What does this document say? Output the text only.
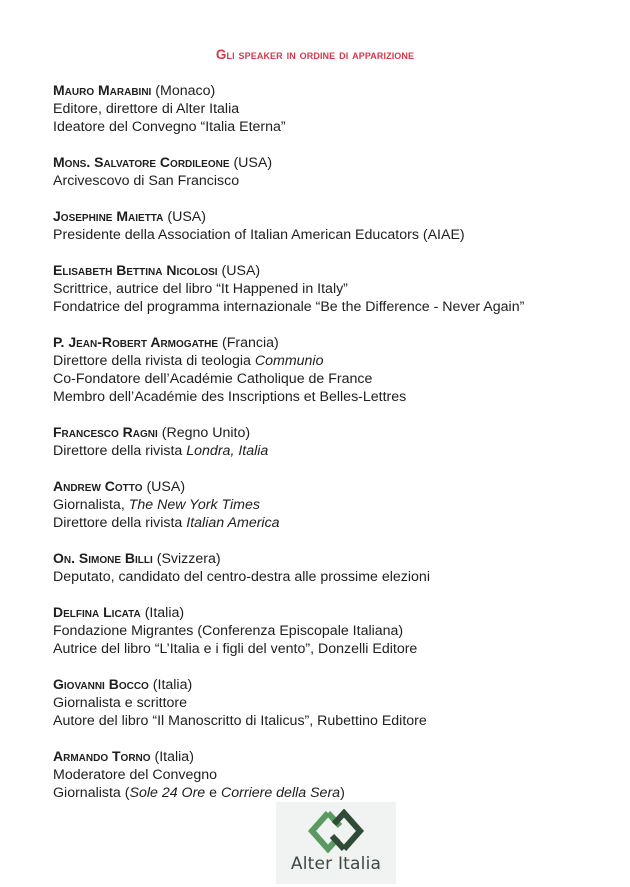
Gli speaker in ordine di apparizione

Mauro Marabini (Monaco)

Editore, direttore di Alter Italia

Ideatore del Convegno “Italia Eterna”

Mons. Salvatore Cordileone (USA)

Arcivescovo di San Francisco

Josephine Maietta (USA)

Presidente della Association of Italian American Educators (AIAE)

Elisabeth Bettina Nicolosi (USA)

Scrittrice, autrice del libro “It Happened in Italy”

Fondatrice del programma internazionale “Be the Difference - Never Again”

P. Jean-Robert Armogathe (Francia)

Direttore della rivista di teologia Communio

Co-Fondatore dell’Académie Catholique de France

Membro dell’Académie des Inscriptions et Belles-Lettres

Francesco Ragni (Regno Unito)

Direttore della rivista Londra, Italia

Andrew Cotto (USA)

Giornalista, The New York Times

Direttore della rivista Italian America

On. Simone Billi (Svizzera)

Deputato, candidato del centro-destra alle prossime elezioni

Delfina Licata (Italia)

Fondazione Migrantes (Conferenza Episcopale Italiana)

Autrice del libro “L’Italia e i figli del vento”, Donzelli Editore

Giovanni Bocco (Italia)

Giornalista e scrittore

Autore del libro “Il Manoscritto di Italicus”, Rubettino Editore

Armando Torno (Italia)

Moderatore del Convegno

Giornalista (Sole 24 Ore e Corriere della Sera)

Alter Italia
